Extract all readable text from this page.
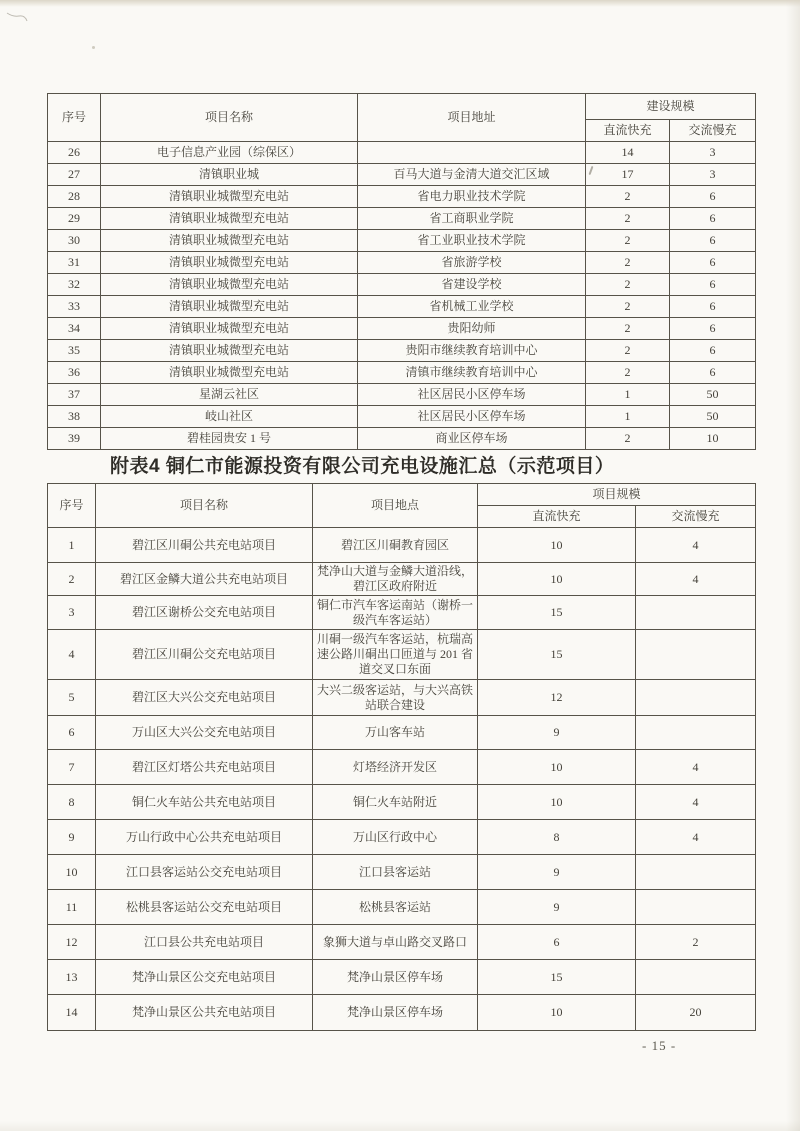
序号	项目名称	项目地址	建设规模	
			直流快充	交流慢充
26	电子信息产业园（综保区）		14	3
27	清镇职业城	百马大道与金清大道交汇区域	17	3
28	清镇职业城微型充电站	省电力职业技术学院	2	6
29	清镇职业城微型充电站	省工商职业学院	2	6
30	清镇职业城微型充电站	省工业职业技术学院	2	6
31	清镇职业城微型充电站	省旅游学校	2	6
32	清镇职业城微型充电站	省建设学校	2	6
33	清镇职业城微型充电站	省机械工业学校	2	6
34	清镇职业城微型充电站	贵阳幼师	2	6
35	清镇职业城微型充电站	贵阳市继续教育培训中心	2	6
36	清镇职业城微型充电站	清镇市继续教育培训中心	2	6
37	星湖云社区	社区居民小区停车场	1	50
38	岐山社区	社区居民小区停车场	1	50
39	碧桂园贵安 1 号	商业区停车场	2	10
附表4 铜仁市能源投资有限公司充电设施汇总（示范项目）
序号	项目名称	项目地点	项目规模	
			直流快充	交流慢充
1	碧江区川硐公共充电站项目	碧江区川硐教育园区	10	4
2	碧江区金鳞大道公共充电站项目	梵净山大道与金鳞大道沿线，碧江区政府附近	10	4
3	碧江区谢桥公交充电站项目	铜仁市汽车客运南站（谢桥一级汽车客运站）	15	
4	碧江区川硐公交充电站项目	川硐一级汽车客运站，杭瑞高速公路川硐出口匝道与 201 省道交叉口东面	15	
5	碧江区大兴公交充电站项目	大兴二级客运站，与大兴高铁站联合建设	12	
6	万山区大兴公交充电站项目	万山客车站	9	
7	碧江区灯塔公共充电站项目	灯塔经济开发区	10	4
8	铜仁火车站公共充电站项目	铜仁火车站附近	10	4
9	万山行政中心公共充电站项目	万山区行政中心	8	4
10	江口县客运站公交充电站项目	江口县客运站	9	
11	松桃县客运站公交充电站项目	松桃县客运站	9	
12	江口县公共充电站项目	象狮大道与卓山路交叉路口	6	2
13	梵净山景区公交充电站项目	梵净山景区停车场	15	
14	梵净山景区公共充电站项目	梵净山景区停车场	10	20
- 15 -
